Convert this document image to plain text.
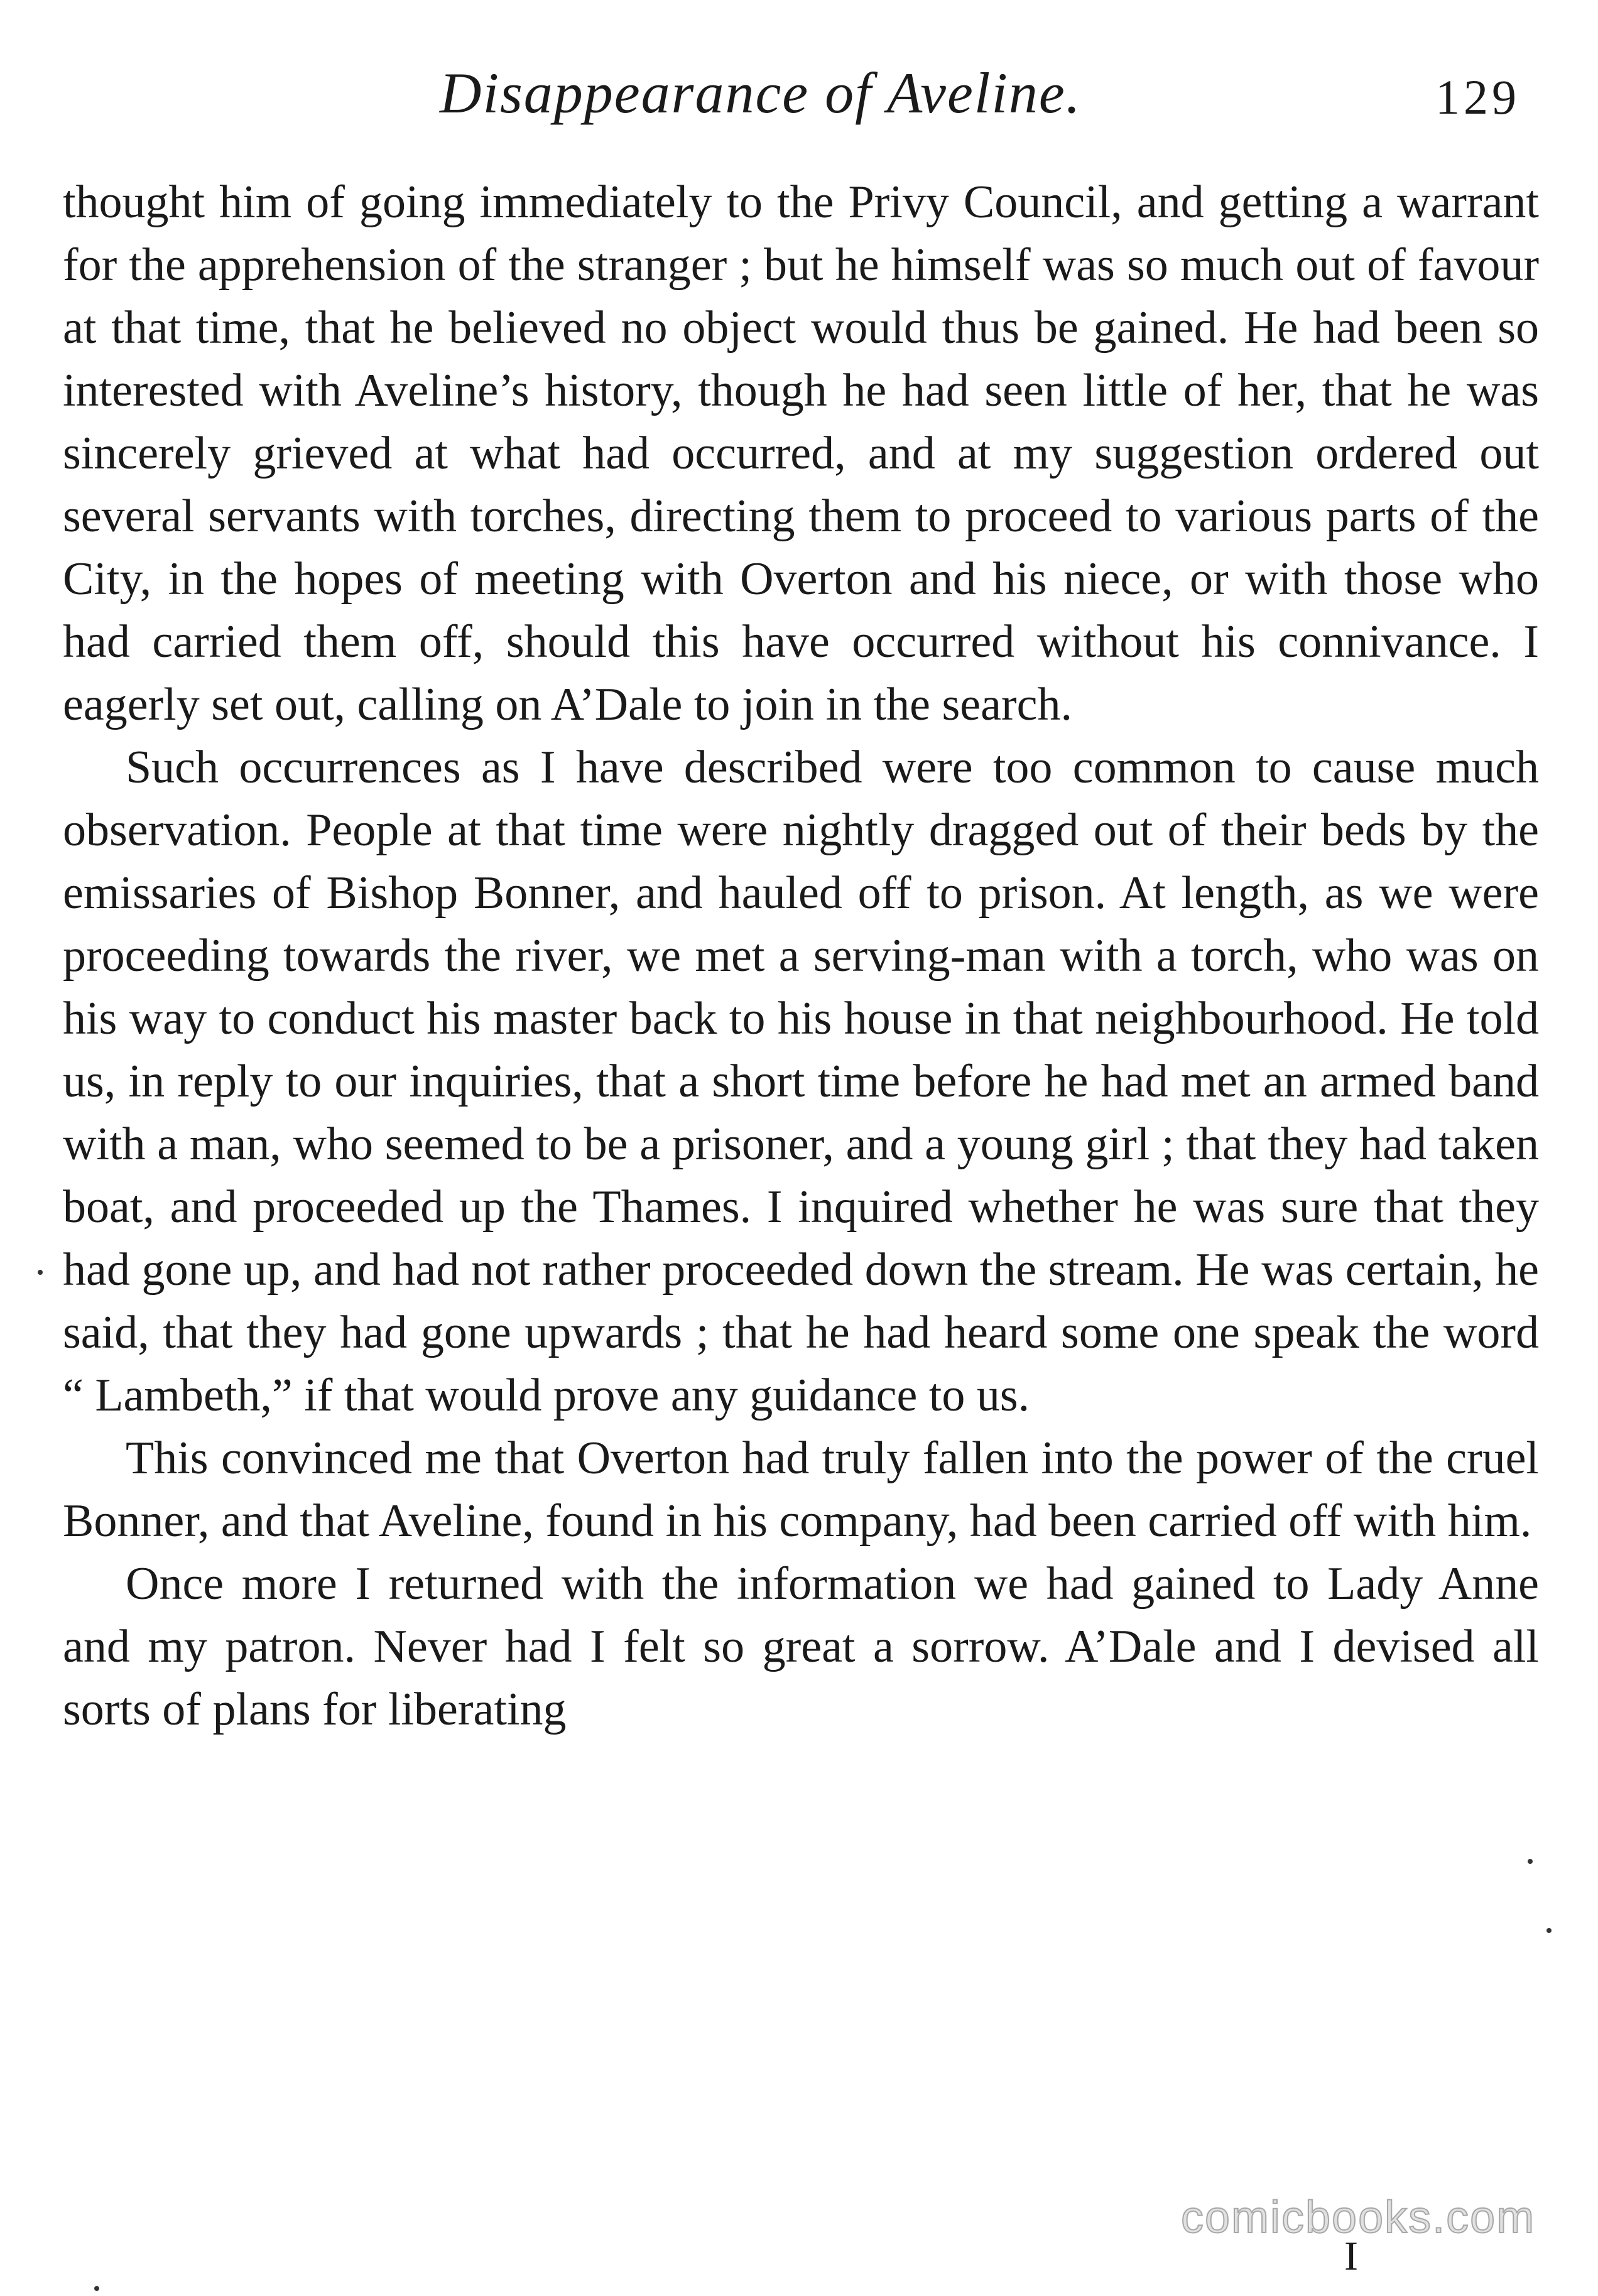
Disappearance of Aveline.	129

thought him of going immediately to the Privy Council, and getting a warrant for the apprehension of the stranger ; but he himself was so much out of favour at that time, that he believed no object would thus be gained. He had been so interested with Aveline’s history, though he had seen little of her, that he was sincerely grieved at what had occurred, and at my suggestion ordered out several servants with torches, directing them to proceed to various parts of the City, in the hopes of meeting with Overton and his niece, or with those who had carried them off, should this have occurred without his connivance. I eagerly set out, calling on A’Dale to join in the search.

Such occurrences as I have described were too common to cause much observation. People at that time were nightly dragged out of their beds by the emissaries of Bishop Bonner, and hauled off to prison. At length, as we were proceeding towards the river, we met a serving-man with a torch, who was on his way to conduct his master back to his house in that neighbourhood. He told us, in reply to our inquiries, that a short time before he had met an armed band with a man, who seemed to be a prisoner, and a young girl ; that they had taken boat, and proceeded up the Thames. I inquired whether he was sure that they had gone up, and had not rather proceeded down the stream. He was certain, he said, that they had gone upwards ; that he had heard some one speak the word “ Lambeth,” if that would prove any guidance to us.

This convinced me that Overton had truly fallen into the power of the cruel Bonner, and that Aveline, found in his company, had been carried off with him.

Once more I returned with the information we had gained to Lady Anne and my patron. Never had I felt so great a sorrow. A’Dale and I devised all sorts of plans for liberating

I
comicbooks.com
